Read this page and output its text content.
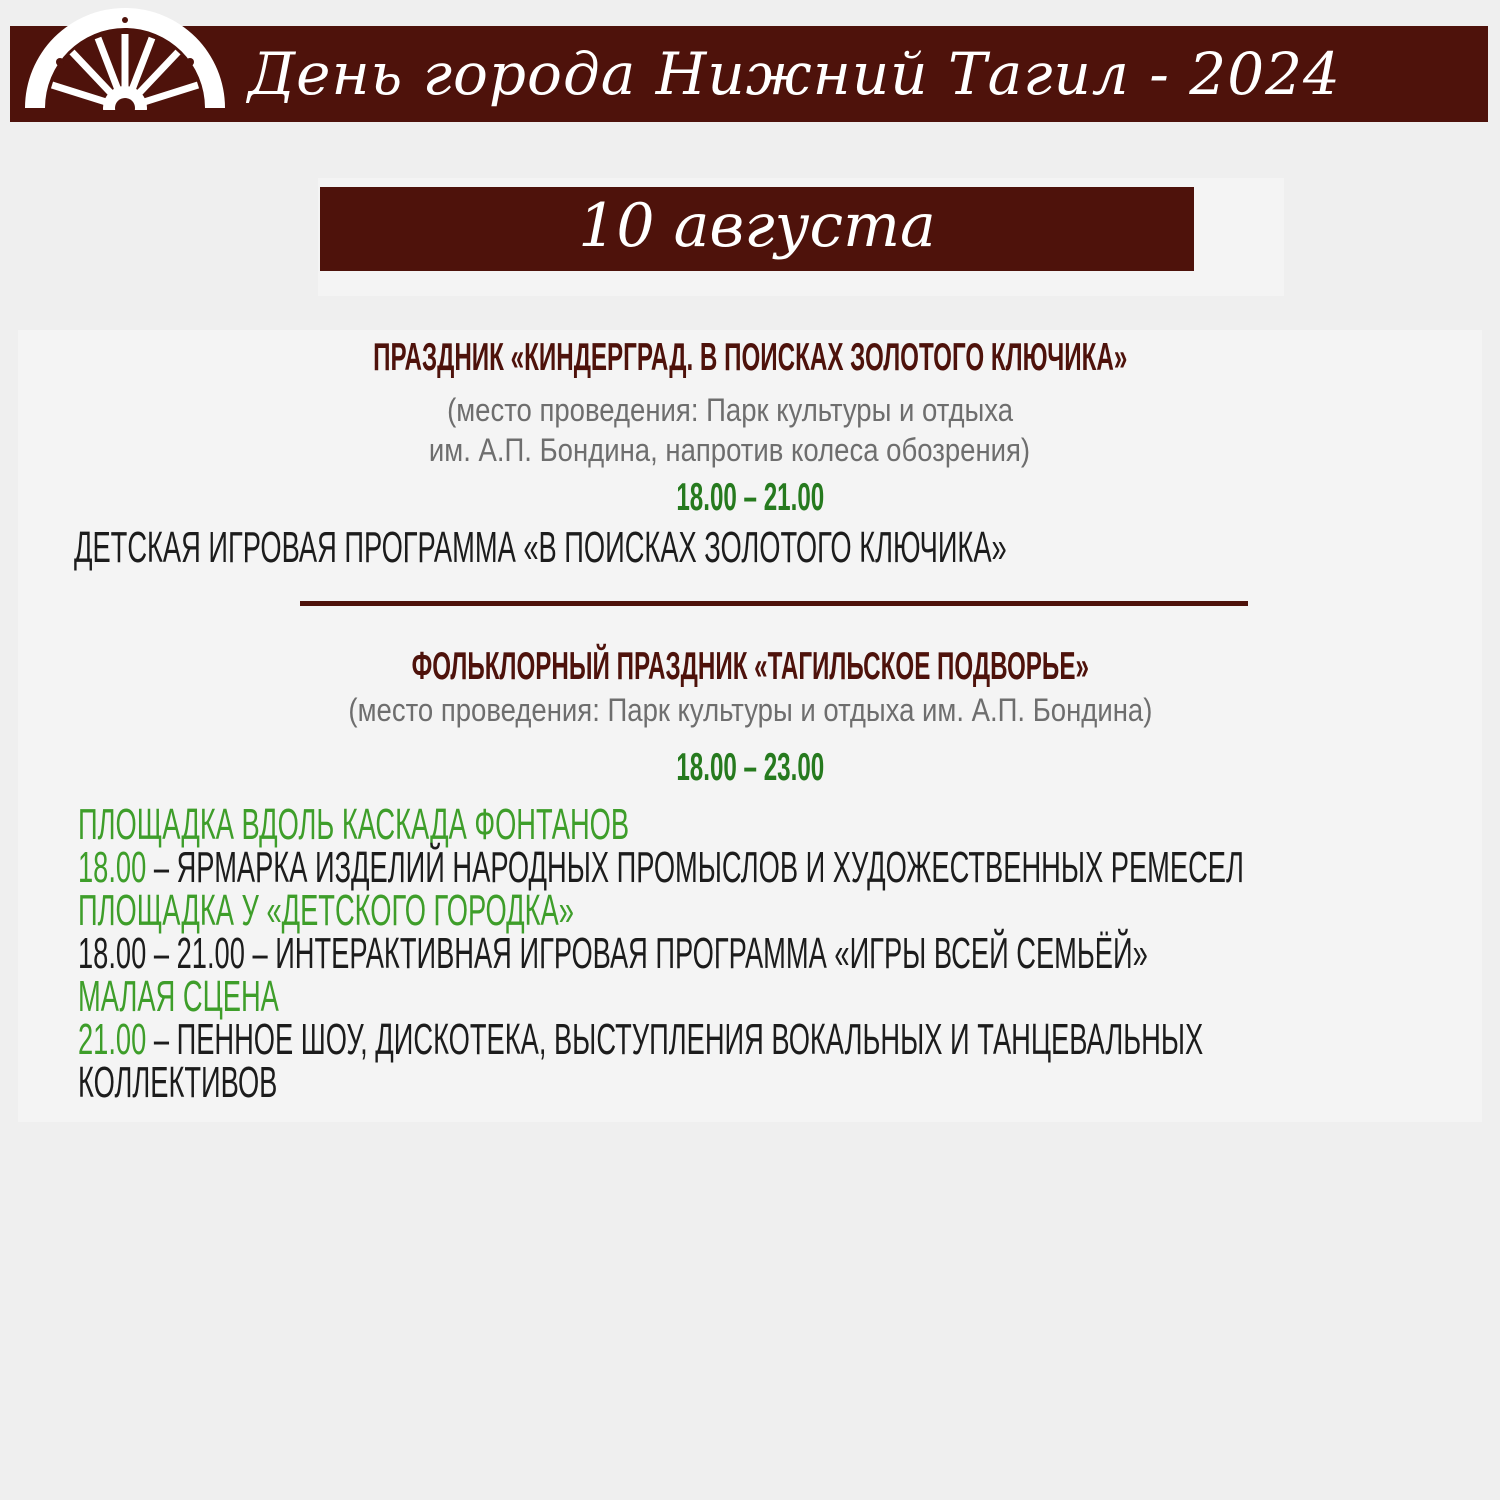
День города Нижний Тагил - 2024
10 августа
ПРАЗДНИК «КИНДЕРГРАД. В ПОИСКАХ ЗОЛОТОГО КЛЮЧИКА»
(место проведения: Парк культуры и отдыха
им. А.П. Бондина, напротив колеса обозрения)
18.00 – 21.00
ДЕТСКАЯ ИГРОВАЯ ПРОГРАММА «В ПОИСКАХ ЗОЛОТОГО КЛЮЧИКА»
ФОЛЬКЛОРНЫЙ ПРАЗДНИК «ТАГИЛЬСКОЕ ПОДВОРЬЕ»
(место проведения: Парк культуры и отдыха им. А.П. Бондина)
18.00 – 23.00
ПЛОЩАДКА ВДОЛЬ КАСКАДА ФОНТАНОВ
18.00 – ЯРМАРКА ИЗДЕЛИЙ НАРОДНЫХ ПРОМЫСЛОВ И ХУДОЖЕСТВЕННЫХ РЕМЕСЕЛ
ПЛОЩАДКА У «ДЕТСКОГО ГОРОДКА»
18.00 – 21.00 – ИНТЕРАКТИВНАЯ ИГРОВАЯ ПРОГРАММА «ИГРЫ ВСЕЙ СЕМЬЁЙ»
МАЛАЯ СЦЕНА
21.00 – ПЕННОЕ ШОУ, ДИСКОТЕКА, ВЫСТУПЛЕНИЯ ВОКАЛЬНЫХ И ТАНЦЕВАЛЬНЫХ
КОЛЛЕКТИВОВ
